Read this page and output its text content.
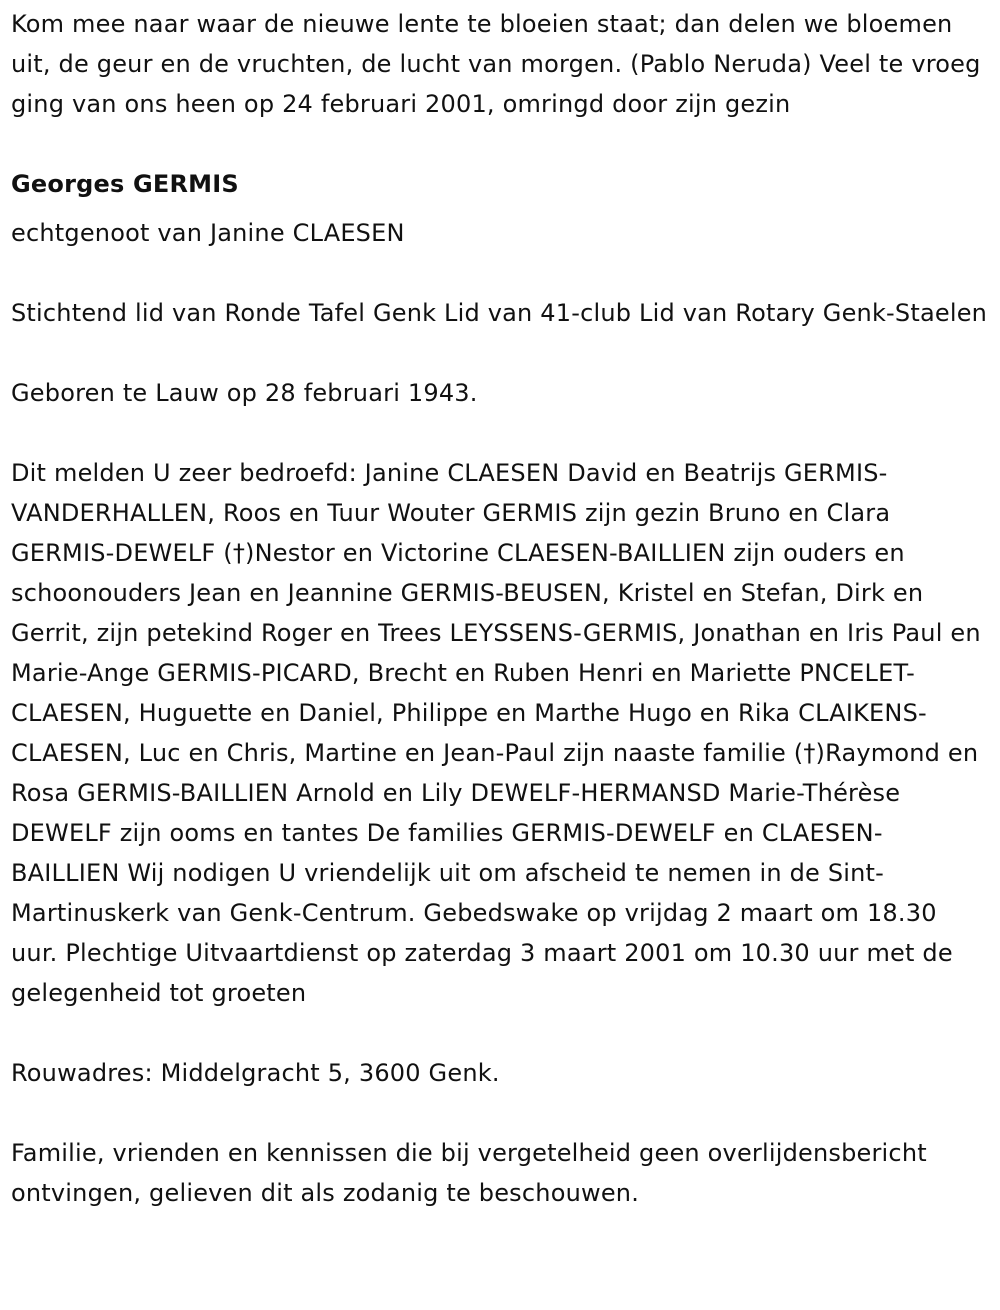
Kom mee naar waar de nieuwe lente te bloeien staat; dan delen we bloemen uit, de geur en de vruchten, de lucht van morgen. (Pablo Neruda) Veel te vroeg ging van ons heen op 24 februari 2001, omringd door zijn gezin

Georges GERMIS

echtgenoot van Janine CLAESEN

Stichtend lid van Ronde Tafel Genk Lid van 41-club Lid van Rotary Genk-Staelen

Geboren te Lauw op 28 februari 1943.

Dit melden U zeer bedroefd: Janine CLAESEN David en Beatrijs GERMIS-VANDERHALLEN, Roos en Tuur Wouter GERMIS zijn gezin Bruno en Clara GERMIS-DEWELF (†)Nestor en Victorine CLAESEN-BAILLIEN zijn ouders en schoonouders Jean en Jeannine GERMIS-BEUSEN, Kristel en Stefan, Dirk en Gerrit, zijn petekind Roger en Trees LEYSSENS-GERMIS, Jonathan en Iris Paul en Marie-Ange GERMIS-PICARD, Brecht en Ruben Henri en Mariette PNCELET-CLAESEN, Huguette en Daniel, Philippe en Marthe Hugo en Rika CLAIKENS-CLAESEN, Luc en Chris, Martine en Jean-Paul zijn naaste familie (†)Raymond en Rosa GERMIS-BAILLIEN Arnold en Lily DEWELF-HERMANSD Marie-Thérèse DEWELF zijn ooms en tantes De families GERMIS-DEWELF en CLAESEN-BAILLIEN Wij nodigen U vriendelijk uit om afscheid te nemen in de Sint-Martinuskerk van Genk-Centrum. Gebedswake op vrijdag 2 maart om 18.30 uur. Plechtige Uitvaartdienst op zaterdag 3 maart 2001 om 10.30 uur met de gelegenheid tot groeten

Rouwadres: Middelgracht 5, 3600 Genk.

Familie, vrienden en kennissen die bij vergetelheid geen overlijdensbericht ontvingen, gelieven dit als zodanig te beschouwen.
